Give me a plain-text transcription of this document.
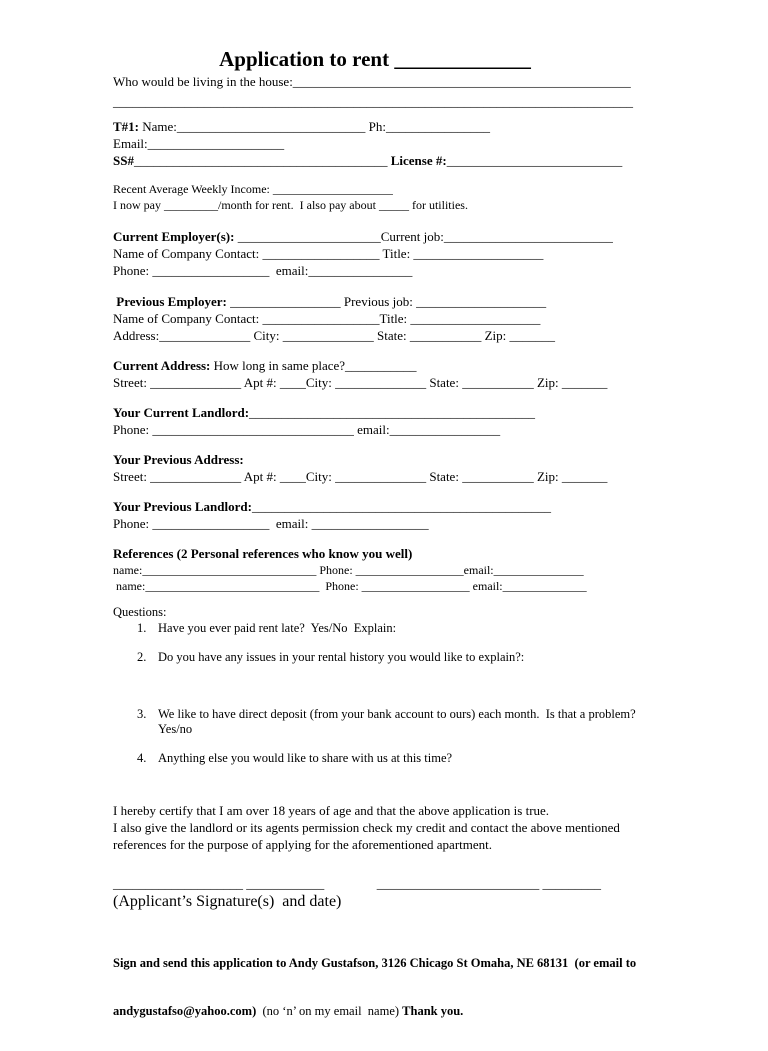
Application to rent _____________
Who would be living in the house:____________________________________________________
________________________________________________________________________________
T#1: Name:_____________________________ Ph:________________
Email:_____________________
SS#_______________________________________ License #:___________________________
Recent Average Weekly Income: ____________________
I now pay _________/month for rent.  I also pay about _____ for utilities.
Current Employer(s): ______________________Current job:__________________________
Name of Company Contact: __________________ Title: ____________________
Phone: __________________  email:________________
Previous Employer: _________________ Previous job: ____________________
Name of Company Contact: __________________Title: ____________________
Address:______________ City: ______________ State: ___________ Zip: _______
Current Address: How long in same place?___________
Street: ______________ Apt #: ____City: ______________ State: ___________ Zip: _______
Your Current Landlord:____________________________________________
Phone: _______________________________ email:_________________
Your Previous Address:
Street: ______________ Apt #: ____City: ______________ State: ___________ Zip: _______
Your Previous Landlord:______________________________________________
Phone: __________________  email: __________________
References (2 Personal references who know you well)
name:_____________________________ Phone: __________________email:_______________
name:_____________________________  Phone: __________________ email:______________
Questions:
1. Have you ever paid rent late?  Yes/No  Explain:
2. Do you have any issues in your rental history you would like to explain?:
3. We like to have direct deposit (from your bank account to ours) each month.  Is that a problem?
Yes/no
4. Anything else you would like to share with us at this time?
I hereby certify that I am over 18 years of age and that the above application is true.
I also give the landlord or its agents permission check my credit and contact the above mentioned
references for the purpose of applying for the aforementioned apartment.
____________________ ____________	_________________________ _________
(Applicant’s Signature(s)  and date)

Sign and send this application to Andy Gustafson, 3126 Chicago St Omaha, NE 68131  (or email to

andygustafso@yahoo.com)  (no ‘n’ on my email  name) Thank you.
